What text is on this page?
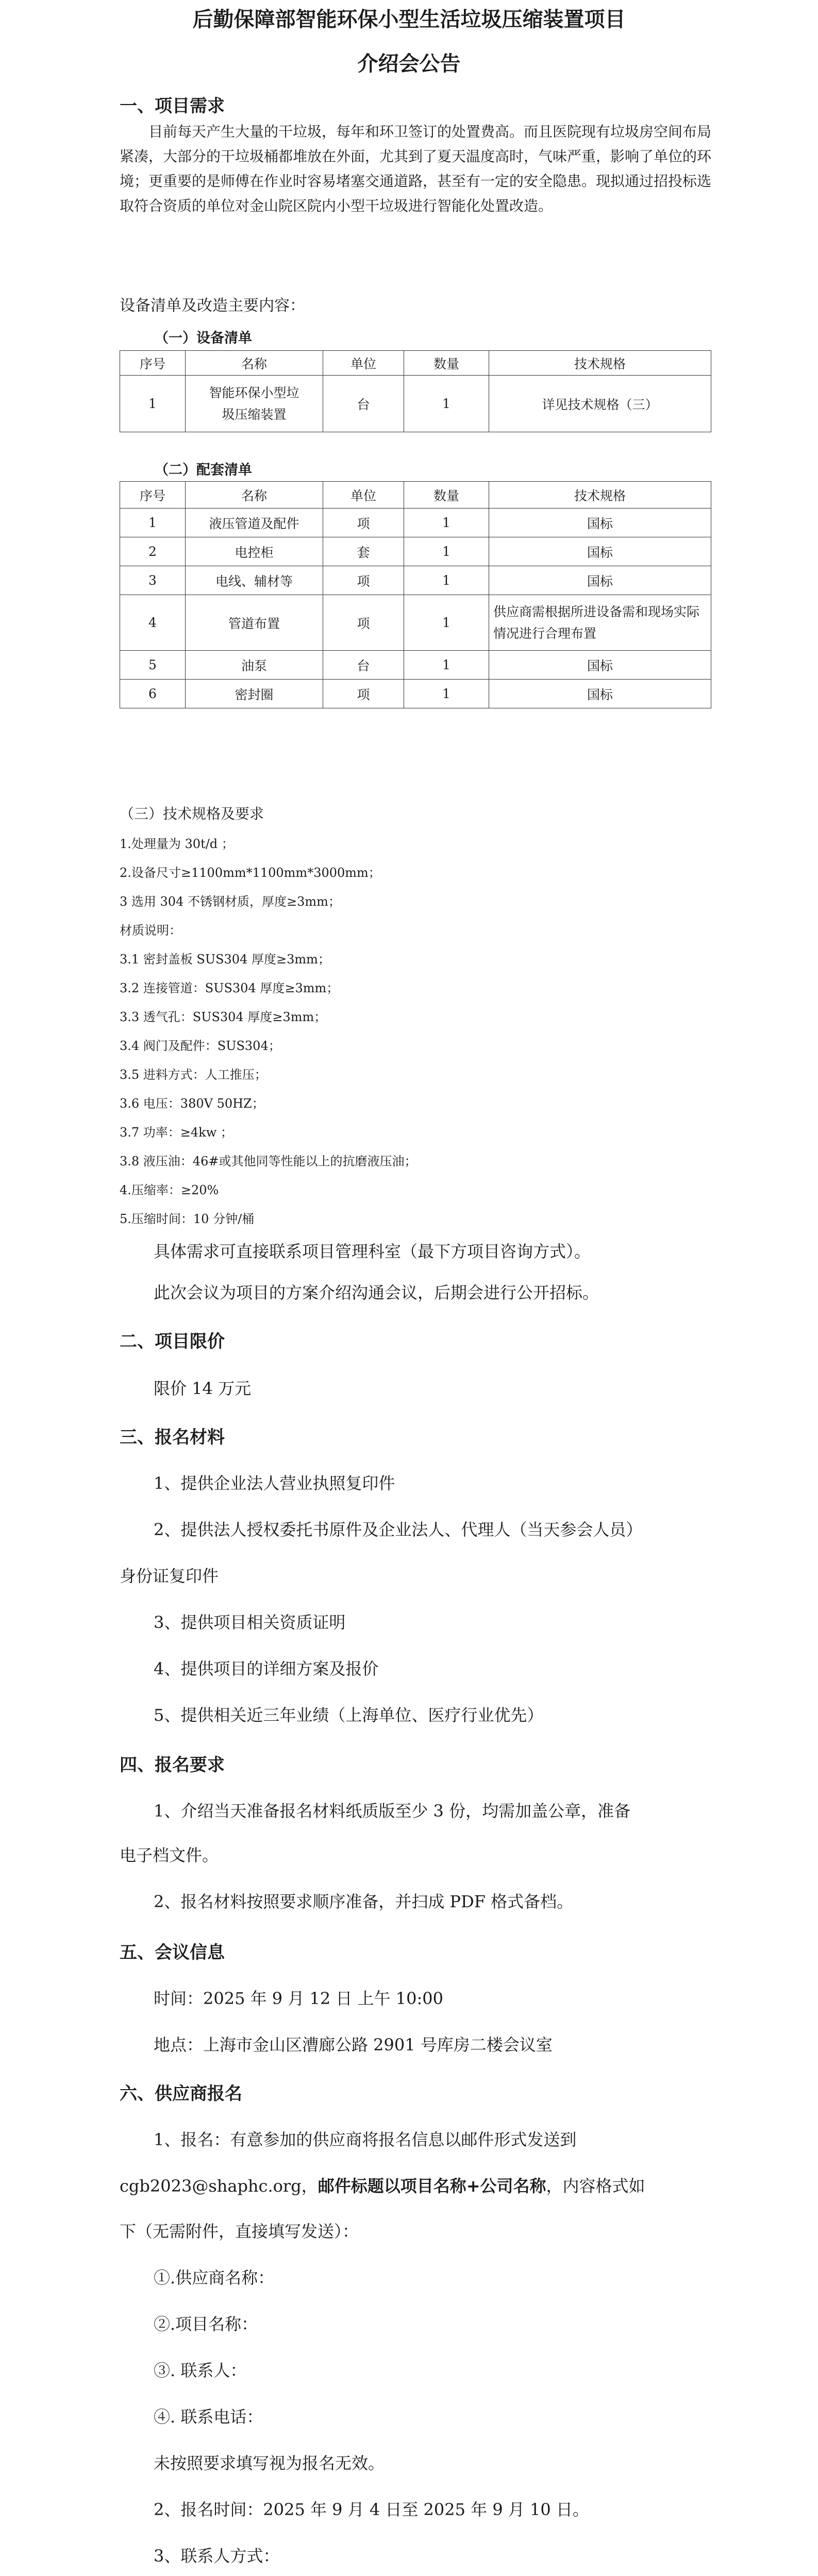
后勤保障部智能环保小型生活垃圾压缩装置项目
介绍会公告
一、项目需求

目前每天产生大量的干垃圾，每年和环卫签订的处置费高。而且医院现有垃圾房空间布局紧凑，大部分的干垃圾桶都堆放在外面，尤其到了夏天温度高时，气味严重，影响了单位的环境；更重要的是师傅在作业时容易堵塞交通道路，甚至有一定的安全隐患。现拟通过招投标选取符合资质的单位对金山院区院内小型干垃圾进行智能化处置改造。

设备清单及改造主要内容：
（一）设备清单
序号	名称	单位	数量	技术规格
1	智能环保小型垃圾压缩装置	台	1	详见技术规格（三）
（二）配套清单
序号	名称	单位	数量	技术规格
1	液压管道及配件	项	1	国标
2	电控柜	套	1	国标
3	电线、辅材等	项	1	国标
4	管道布置	项	1	供应商需根据所进设备需和现场实际情况进行合理布置
5	油泵	台	1	国标
6	密封圈	项	1	国标
（三）技术规格及要求
1.处理量为 30t/d ；
2.设备尺寸≥1100mm*1100mm*3000mm；
3 选用 304 不锈钢材质，厚度≥3mm；
材质说明：
3.1 密封盖板 SUS304 厚度≥3mm；
3.2 连接管道：SUS304 厚度≥3mm；
3.3 透气孔：SUS304 厚度≥3mm；
3.4 阀门及配件：SUS304；
3.5 进料方式：人工推压；
3.6 电压：380V 50HZ；
3.7 功率：≥4kw ；
3.8 液压油：46#或其他同等性能以上的抗磨液压油；
4.压缩率：≥20%
5.压缩时间：10 分钟/桶
具体需求可直接联系项目管理科室（最下方项目咨询方式）。
此次会议为项目的方案介绍沟通会议，后期会进行公开招标。
二、项目限价
限价 14 万元
三、报名材料
1、提供企业法人营业执照复印件
2、提供法人授权委托书原件及企业法人、代理人（当天参会人员）
身份证复印件
3、提供项目相关资质证明
4、提供项目的详细方案及报价
5、提供相关近三年业绩（上海单位、医疗行业优先）
四、报名要求
1、介绍当天准备报名材料纸质版至少 3 份，均需加盖公章，准备
电子档文件。
2、报名材料按照要求顺序准备，并扫成 PDF 格式备档。
五、会议信息
时间：2025 年 9 月 12 日 上午 10:00
地点：上海市金山区漕廊公路 2901 号库房二楼会议室
六、供应商报名
1、报名：有意参加的供应商将报名信息以邮件形式发送到
cgb2023@shaphc.org，邮件标题以项目名称+公司名称，内容格式如
下（无需附件，直接填写发送）：
①.供应商名称：
②.项目名称：
③. 联系人：
④. 联系电话：
未按照要求填写视为报名无效。
2、报名时间：2025 年 9 月 4 日至 2025 年 9 月 10 日。
3、联系人方式：
